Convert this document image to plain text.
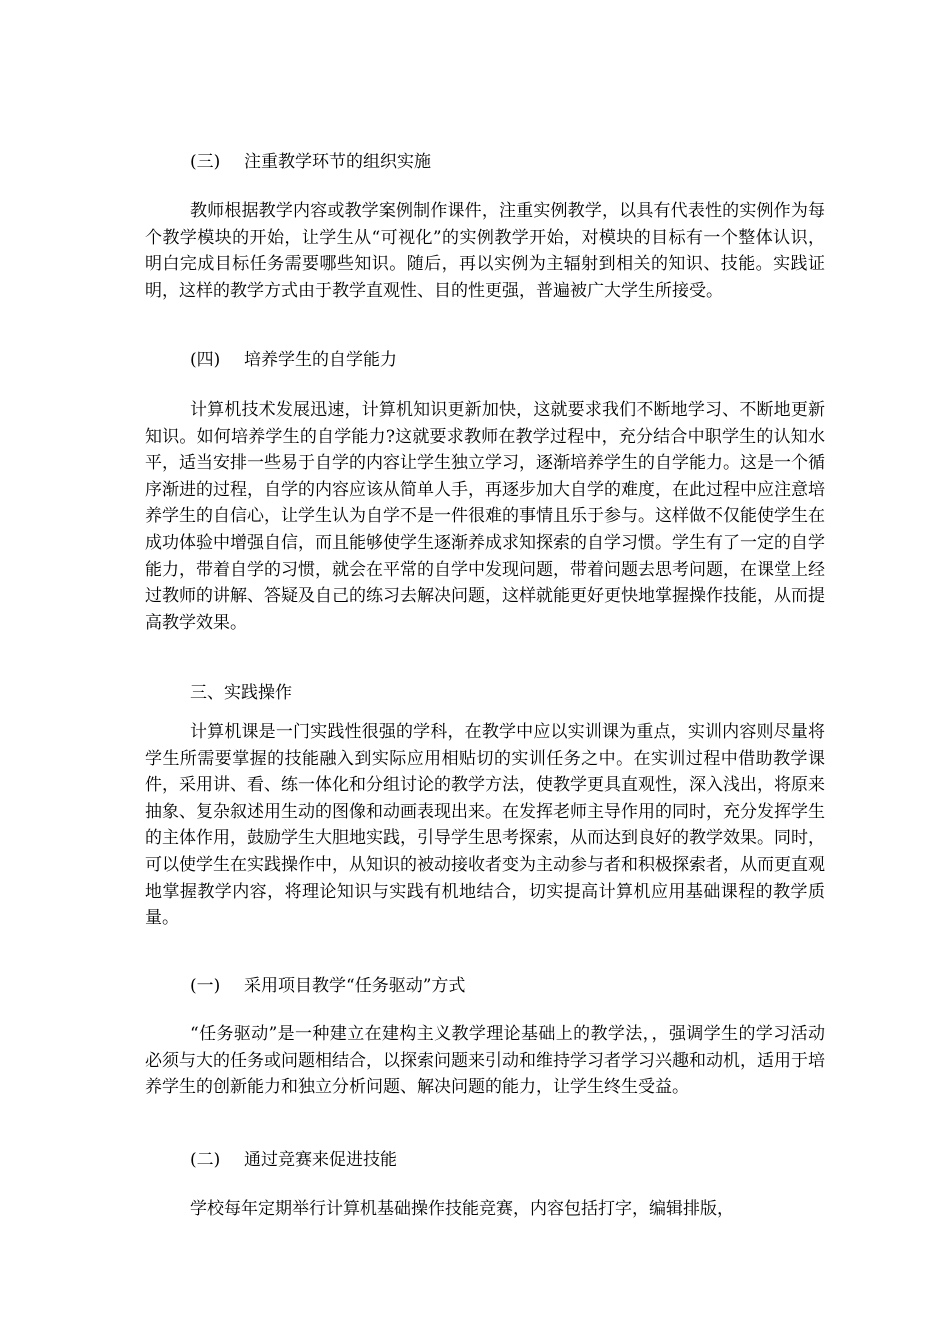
(三) 注重教学环节的组织实施

教师根据教学内容或教学案例制作课件，注重实例教学，以具有代表性的实例作为每个教学模块的开始，让学生从“可视化”的实例教学开始，对模块的目标有一个整体认识，明白完成目标任务需要哪些知识。随后，再以实例为主辐射到相关的知识、技能。实践证明，这样的教学方式由于教学直观性、目的性更强，普遍被广大学生所接受。

(四) 培养学生的自学能力

计算机技术发展迅速，计算机知识更新加快，这就要求我们不断地学习、不断地更新知识。如何培养学生的自学能力?这就要求教师在教学过程中，充分结合中职学生的认知水平，适当安排一些易于自学的内容让学生独立学习，逐渐培养学生的自学能力。这是一个循序渐进的过程，自学的内容应该从简单人手，再逐步加大自学的难度，在此过程中应注意培养学生的自信心，让学生认为自学不是一件很难的事情且乐于参与。这样做不仅能使学生在成功体验中增强自信，而且能够使学生逐渐养成求知探索的自学习惯。学生有了一定的自学能力，带着自学的习惯，就会在平常的自学中发现问题，带着问题去思考问题，在课堂上经过教师的讲解、答疑及自己的练习去解决问题，这样就能更好更快地掌握操作技能，从而提高教学效果。

三、实践操作

计算机课是一门实践性很强的学科，在教学中应以实训课为重点，实训内容则尽量将学生所需要掌握的技能融入到实际应用相贴切的实训任务之中。在实训过程中借助教学课件，采用讲、看、练一体化和分组讨论的教学方法，使教学更具直观性，深入浅出，将原来抽象、复杂叙述用生动的图像和动画表现出来。在发挥老师主导作用的同时，充分发挥学生的主体作用，鼓励学生大胆地实践，引导学生思考探索，从而达到良好的教学效果。同时，可以使学生在实践操作中，从知识的被动接收者变为主动参与者和积极探索者，从而更直观地掌握教学内容，将理论知识与实践有机地结合，切实提高计算机应用基础课程的教学质量。

(一) 采用项目教学“任务驱动”方式

“任务驱动”是一种建立在建构主义教学理论基础上的教学法，，强调学生的学习活动必须与大的任务或问题相结合，以探索问题来引动和维持学习者学习兴趣和动机，适用于培养学生的创新能力和独立分析问题、解决问题的能力，让学生终生受益。

(二) 通过竞赛来促进技能

学校每年定期举行计算机基础操作技能竞赛，内容包括打字，编辑排版，
